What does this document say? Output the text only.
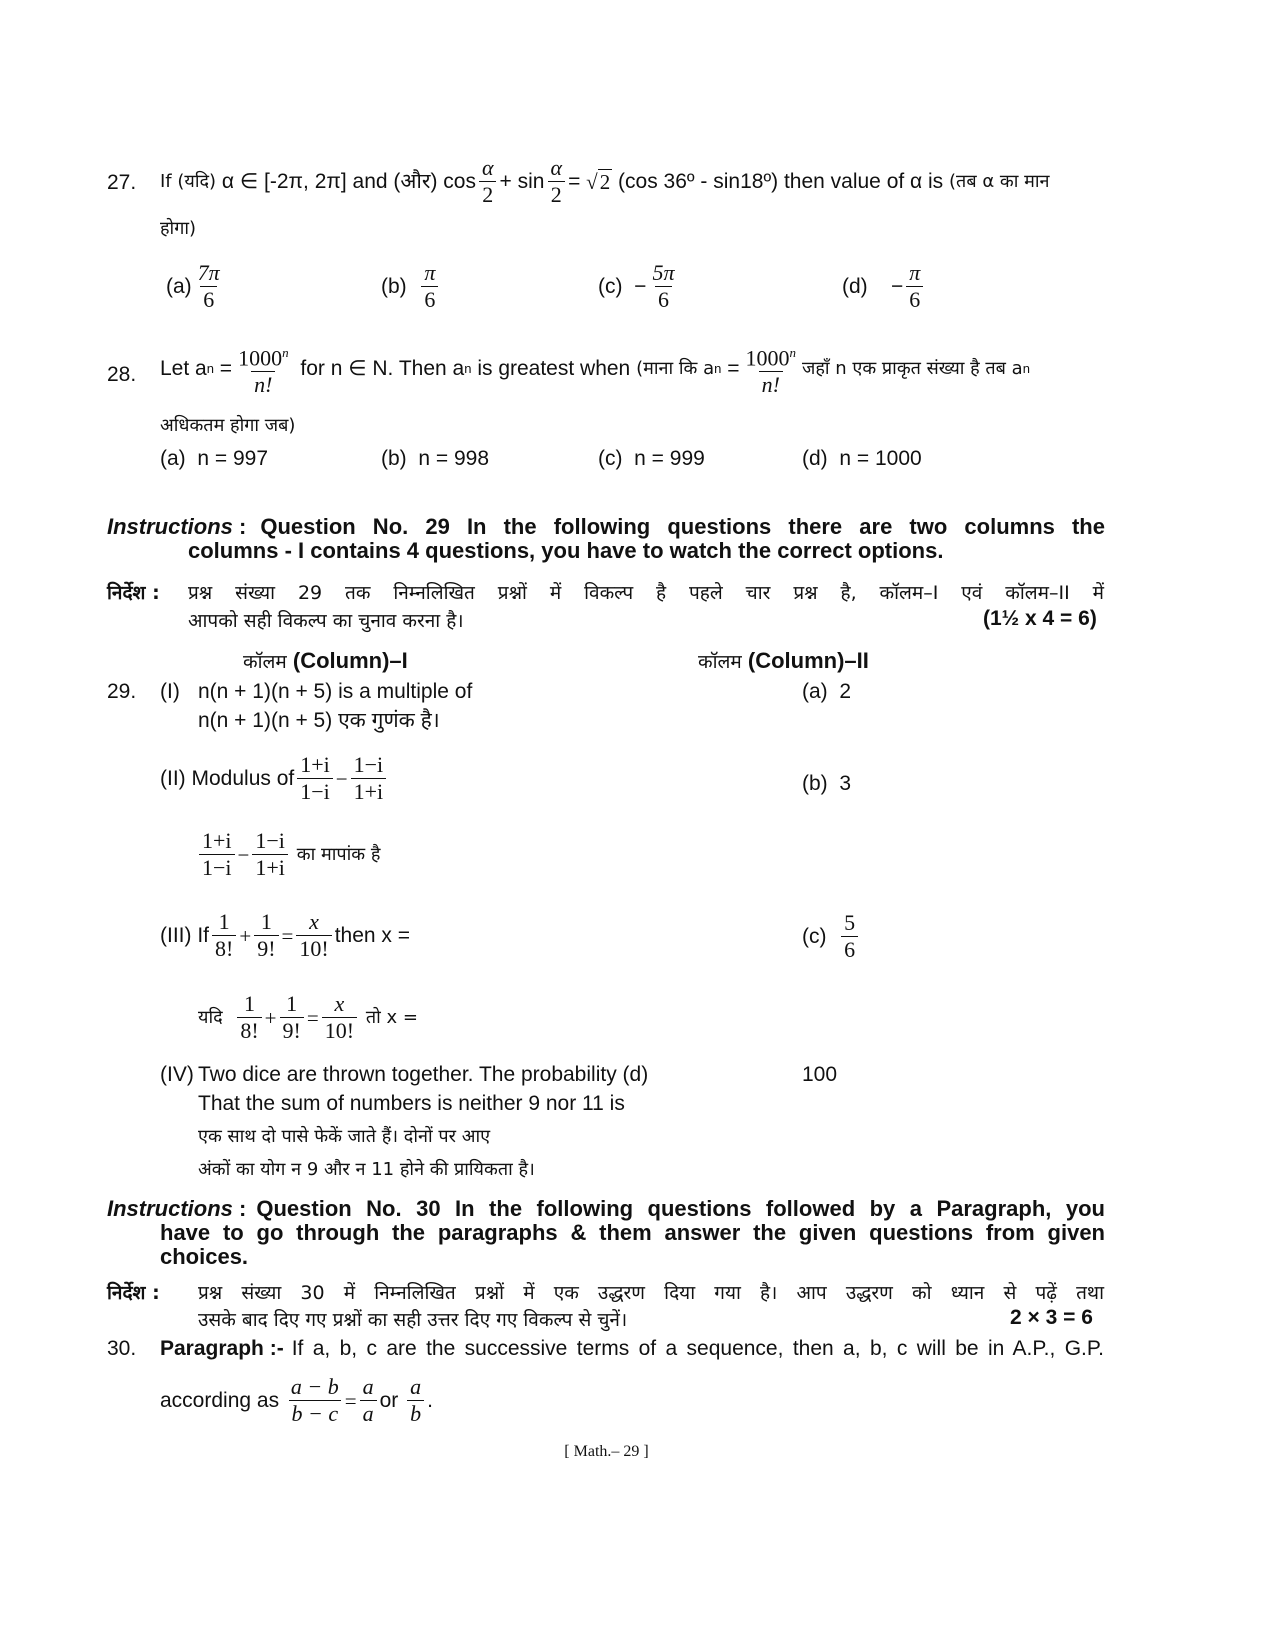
27. If (यदि)
α ∈ [-2π, 2π] and (और) $\cos \frac{\alpha}{2} + \sin \frac{\alpha}{2}$ =
√2
(cos 36º - sin18º) then value of α is
(तब α का मान
होगा)
$(a) \frac{7\pi}{6}$	(b)
$\frac{\pi}{6}$	(c)
− $\frac{5\pi}{6}$	(d)
− $\frac{\pi}{6}$
28. Let a n
= $\frac{1000^n}{n!}$
for n ∈ N. Then a n
is greatest when
(माना कि a n
= $\frac{1000^n}{n!}$ जहाँ n एक प्राकृत संख्या है तब a n
अधिकतम होगा जब)
(a) n = 997	(b) n = 998	(c) n = 999	(d) n = 1000
Instructions : Question No. 29 In the following questions there are two columns the
columns - I contains 4 questions, you have to watch the correct options.
निर्देश : प्रश्न संख्या 29 तक निम्नलिखित प्रश्नों में विकल्प है पहले चार प्रश्न है, कॉलम–I एवं कॉलम–II में
आपको सही विकल्प का चुनाव करना है।	(1½ x 4 = 6)
कॉलम (Column)–I	कॉलम (Column)–II
29. (I) n(n + 1)(n + 5) is a multiple of
n(n + 1)(n + 5) एक गुणंक है।
(a) 2
(II)
Modulus of $\frac{1+i}{1-i} - \frac{1-i}{1+i}$	(b) 3
$\frac{1+i}{1-i} - \frac{1-i}{1+i}$
का मापांक है
(III)
If $\frac{1}{8!} + \frac{1}{9!} = \frac{x}{10!}$ then x =	(c)
$\frac{5}{6}$
यदि
$\frac{1}{8!} + \frac{1}{9!} = \frac{x}{10!}$
तो x =
(IV) Two dice are thrown together. The probability (d)	100
That the sum of numbers is neither 9 nor 11 is
एक साथ दो पासे फेकें जाते हैं। दोनों पर आए
अंकों का योग न 9 और न 11 होने की प्रायिकता है।
Instructions : Question No. 30 In the following questions followed by a Paragraph, you
have to go through the paragraphs & them answer the given questions from given
choices.
निर्देश : प्रश्न संख्या 30 में निम्नलिखित प्रश्नों में एक उद्धरण दिया गया है। आप उद्धरण को ध्यान से पढ़ें तथा
उसके बाद दिए गए प्रश्नों का सही उत्तर दिए गए विकल्प से चुनें।	2 × 3 = 6
30. Paragraph :- If a, b, c are the successive terms of a sequence, then a, b, c will be in A.P., G.P.
according as
$\frac{a - b}{b - c} = \frac{a}{a}$ or
$\frac{a}{b}$ .
[ Math.– 29 ]
